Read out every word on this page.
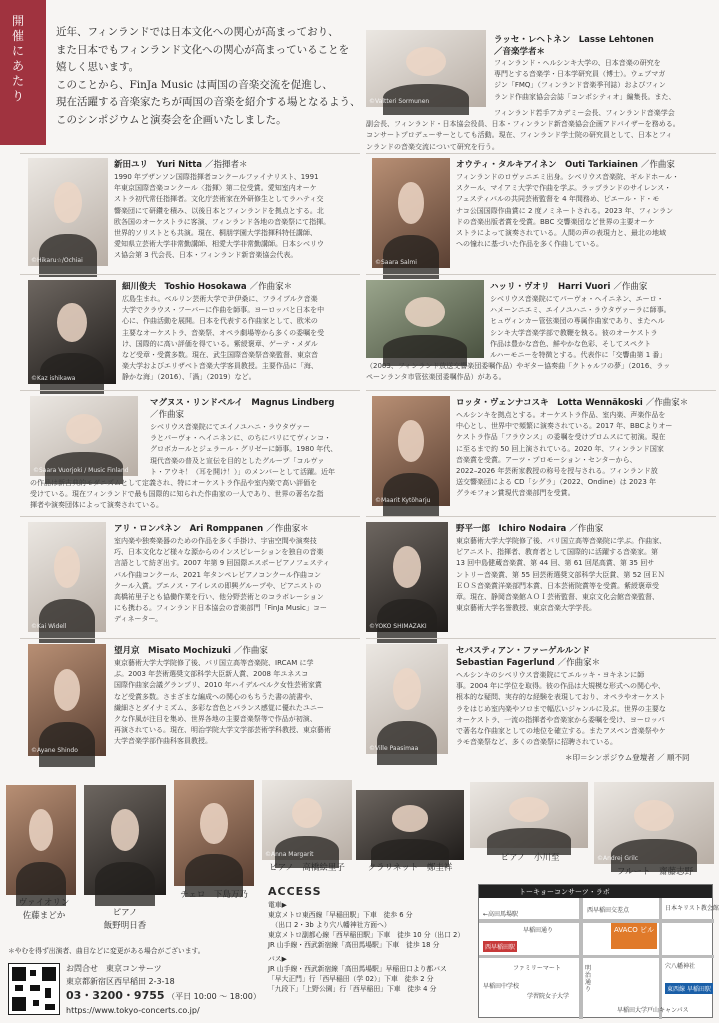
開催にあたり
近年、フィンランドでは日本文化への関心が高まっており、
また日本でもフィンランド文化への関心が高まっていることを
嬉しく思います。
このことから、FinJa Music は両国の音楽交流を促進し、
現在活躍する音楽家たちが両国の音楽を紹介する場となるよう、
このシンポジウムと演奏会を企画いたしました。
©Valtteri Sormunen
ラッセ・レヘトネン　Lasse Lehtonen
／音楽学者＊
フィンランド・ヘルシンキ大学の、日本音楽の研究を
専門とする音楽学・日本学研究員（博士）。ウェブマガ
ジン「FMQ」（フィンランド音楽季刊誌）およびフィン
ランド作曲家協会会誌「コンポシティオ」編集長。また、
フィンランド若手アカデミー会長、フィンランド音楽学会
副会長、フィンランド・日本協会役員、日本・フィンランド新音楽協会企画アドバイザーを務める。
コンサートプロデューサーとしても活動。現在、フィンランド学士院の研究員として、日本とフィ
ンランドの音楽交流について研究を行う。
©Hikaru☆/Ochiai
新田ユリ　Yuri Nitta ／指揮者＊
1990 年ブザンソン国際指揮者コンクールファイナリスト、1991
年東京国際音楽コンクール〈指揮〉第二位受賞。愛知室内オーケ
ストラ初代常任指揮者。文化庁芸術家在外研修生としてラハティ交
響楽団にて研鑽を積み、以後日本とフィンランドを拠点とする。北
欧各国のオーケストラに客演、フィンランド各地の音楽祭にて指揮。
世界的ソリストとも共演。現在、桐朋学園大学指揮科特任講師、
愛知県立芸術大学非常勤講師、相愛大学非常勤講師。日本シベリウ
ス協会第 3 代会長、日本・フィンランド新音楽協会代表。
©Saara Salmi
オウティ・タルキアイネン　Outi Tarkiainen ／作曲家
フィンランドのロヴァニエミ出身。シベリウス音楽院、ギルドホール・
スクール、マイアミ大学で作曲を学ぶ。ラップランドのサイレンス・
フェスティバルの共同芸術監督を 4 年間務め、ピエール・ド・モ
ナコ公国国際作曲賞に 2 度ノミネートされる。2023 年、フィンラン
ドの音楽出版者賞を受賞。BBC 交響楽団など世界の主要オーケ
ストラによって演奏されている。人間の声の表現力と、最北の地域
への憧れに基づいた作品を多く作曲している。
©Kaz ishikawa
細川俊夫　Toshio Hosokawa ／作曲家＊
広島生まれ。ベルリン芸術大学で尹伊桑に、フライブルク音楽
大学でクラウス・フーバーに作曲を師事。ヨーロッパと日本を中
心に、作曲活動を展開。日本を代表する作曲家として、欧米の
主要なオーケストラ、音楽祭、オペラ劇場等から多くの委嘱を受
け、国際的に高い評価を得ている。紫綬褒章、ゲーテ・メダル
など受章・受賞多数。現在、武生国際音楽祭音楽監督、東京音
楽大学およびエリザベト音楽大学客員教授。主要作品に「海、
静かな海」（2016）、「渦」（2019）など。
ハッリ・ヴオリ　Harri Vuori ／作曲家
シベリウス音楽院にてパーヴォ・ヘイニネン、エーロ・
ハメーンニエミ、エイノユハニ・ラウタヴァーラに師事。
ヒュヴィンカー管弦楽団の専属作曲家であり、またヘル
シンキ大学音楽学部で教鞭を執る。彼のオーケストラ
作品は豊かな音色、鮮やかな色彩、そしてスペクト
ルハーモニーを特徴とする。代表作に「交響曲第 1 番」
（2003、フィンランド放送交響楽団委嘱作品）やギター協奏曲「クトゥルフの夢」（2016、ラッ
ペーンランタ市管弦楽団委嘱作品）がある。
©Saara Vuorjoki / Music Finland
マグヌス・リンドベルイ　Magnus Lindberg
／作曲家
シベリウス音楽院にてエイノユハニ・ラウタヴァー
ラとパーヴォ・ヘイニネンに、のちにパリにてヴィンコ・
グロボカールとジェラール・グリゼーに師事。1980 年代、
現代音楽の普及と宣伝を目的としたグループ「コルヴァ
ト・アウキ！（耳を開け！）」のメンバーとして活躍。近年
の作品は新古典的モダニズムとして定義され、特にオーケストラ作品や室内楽で高い評価を
受けている。現在フィンランドで最も国際的に知られた作曲家の一人であり、世界の著名な指
揮者や演奏団体によって演奏されている。
©Maarit Kytöharju
ロッタ・ヴェンナコスキ　Lotta Wennäkoski ／作曲家＊
ヘルシンキを拠点とする。オーケストラ作品、室内楽、声楽作品を
中心とし、世界中で頻繁に演奏されている。2017 年、BBCよりオー
ケストラ作品「フラウンス」の委嘱を受けプロムスにて初演。現在
に至るまで約 50 回上演されている。2020 年、フィンランド国家
音楽賞を受賞。アーツ・プロモーション・センターから、
2022–2026 年芸術家教授の称号を授与される。フィンランド放
送交響楽団による CD「シグラ」（2022、Ondine）は 2023 年
グラモフォン賞現代音楽部門を受賞。
©Kai Widell
アリ・ロンパネン　Ari Romppanen ／作曲家＊
室内楽や独奏楽器のための作品を多く手掛け、宇宙空間や演奏技
巧、日本文化など様々な源からのインスピレーションを独自の音楽
言語として紡ぎ出す。2007 年第 9 回国際エスポーピアノフェスティ
バル作曲コンクール、2021 年タンペレピアノコンクール作曲コン
クール入賞。ブエノス・アイレスの即興グループや、ピアニストの
高橋祐里子とも協働作業を行い、他分野芸術とのコラボレーション
にも携わる。フィンランド日本協会の音楽部門「FinJa Music」コー
ディネーター。
©YOKO SHIMAZAKI
野平一郎　Ichiro Nodaira ／作曲家
東京藝術大学大学院修了後、パリ国立高等音楽院に学ぶ。作曲家、
ピアニスト、指揮者、教育者として国際的に活躍する音楽家。第
13 回中島健蔵音楽賞、第 44 回、第 61 回尾高賞、第 35 回サ
ントリー音楽賞、第 55 回芸術選奨文部科学大臣賞、第 52 回ＥＮ
ＥＯＳ音楽賞洋楽部門本賞、日本芸術院賞等を受賞。紫綬褒章受
章。現在、静岡音楽館ＡＯＩ芸術監督、東京文化会館音楽監督、
東京藝術大学名誉教授、東京音楽大学学長。
©Ayane Shindo
望月京　Misato Mochizuki ／作曲家
東京藝術大学大学院修了後、パリ国立高等音楽院、IRCAM に学
ぶ。2003 年芸術選奨文部科学大臣新人賞、2008 年ユネスコ
国際作曲家会議グランプリ、2010 年ハイデルベルク女性芸術家賞
など受賞多数。さまざまな編成への関心のもちうた書の読書や、
繊細さとダイナミズム、多彩な音色とバランス感覚に優れたユニー
クな作風が注目を集め、世界各地の主要音楽祭等で作品が初演、
再演されている。現在、明治学院大学文学部芸術学科教授、東京藝術
大学音楽学部作曲科客員教授。
©Ville Paasimaa
セバスティアン・ファーゲルルンド
Sebastian Fagerlund ／作曲家＊
ヘルシンキのシベリウス音楽院にてエルッキ・ヨキネンに師
事。2004 年に学位を取得。彼の作品は大規模な形式への関心や、
根本的な疑問、実存的な経験を表現しており、オペラやオーケスト
ラをはじめ室内楽やソロまで幅広いジャンルに及ぶ。世界の主要な
オーケストラ、一流の指揮者や音楽家から委嘱を受け、ヨーロッパ
で著名な作曲家としての地位を確立する。またアスペン音楽祭やケ
ラモ音楽祭など、多くの音楽祭に招聘されている。
＊印＝シンポジウム登壇者 ／ 順不同
ヴァイオリン
佐藤まどか	ピアノ
飯野明日香
チェロ　 下島万乃
©Anna Margarit
ピアノ　 高橋絵里子	クラリネット　 鄭圭祥
ピアノ　 小川至	©Andrej Grilc
フルート　 齋藤志野
＊やむを得ず出演者、曲目などに変更がある場合がございます。
お問合せ　東京コンサーツ
東京都新宿区西早稲田 2-3-18
03・3200・9755 （平日 10:00 ～ 18:00）
https://www.tokyo-concerts.co.jp/
ACCESS
電車▶
東京メトロ東西線「早稲田駅」下車　徒歩 6 分
　（出口 2・3b より穴八幡神社方面へ）
東京メトロ副都心線「西早稲田駅」下車　徒歩 10 分（出口 2）
JR 山手線・西武新宿線「高田馬場駅」下車　徒歩 18 分
バス▶
JR 山手線・西武新宿線「高田馬場駅」早稲田口より都バス
「早大正門」行「西早稲田（学 02）」下車　徒歩 2 分
「九段下」「上野公園」行「西早稲田」下車　徒歩 4 分
トーキョーコンサーツ・ラボ
AVACO ビル
←高田馬場駅
早稲田通り
ファミリーマート	明治通り
西早稲田交差点
穴八幡神社
早稲田大学戸山キャンパス
学習院女子大学
日本キリスト教会館
早稲田中学校
西早稲田駅
東西線 早稲田駅
